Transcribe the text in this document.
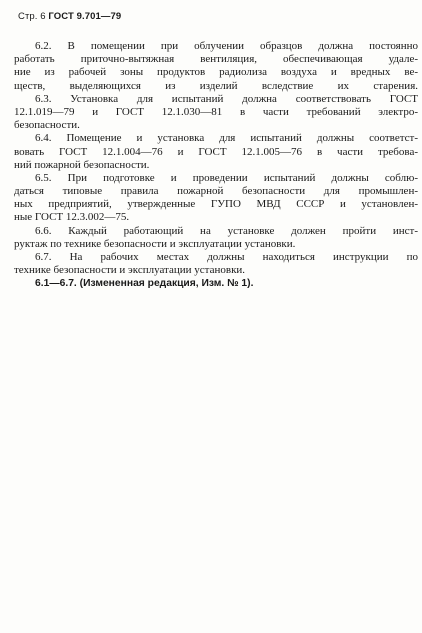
Стр. 6 ГОСТ 9.701—79
6.2. В помещении при облучении образцов должна постоянно
работать приточно-вытяжная вентиляция, обеспечивающая удале-
ние из рабочей зоны продуктов радиолиза воздуха и вредных ве-
ществ, выделяющихся из изделий вследствие их старения.
6.3. Установка для испытаний должна соответствовать ГОСТ
12.1.019—79 и ГОСТ 12.1.030—81 в части требований электро-
безопасности.
6.4. Помещение и установка для испытаний должны соответст-
вовать ГОСТ 12.1.004—76 и ГОСТ 12.1.005—76 в части требова-
ний пожарной безопасности.
6.5. При подготовке и проведении испытаний должны соблю-
даться типовые правила пожарной безопасности для промышлен-
ных предприятий, утвержденные ГУПО МВД СССР и установлен-
ные ГОСТ 12.3.002—75.
6.6. Каждый работающий на установке должен пройти инст-
руктаж по технике безопасности и эксплуатации установки.
6.7. На рабочих местах должны находиться инструкции по
технике безопасности и эксплуатации установки.
6.1—6.7. (Измененная редакция, Изм. № 1).
